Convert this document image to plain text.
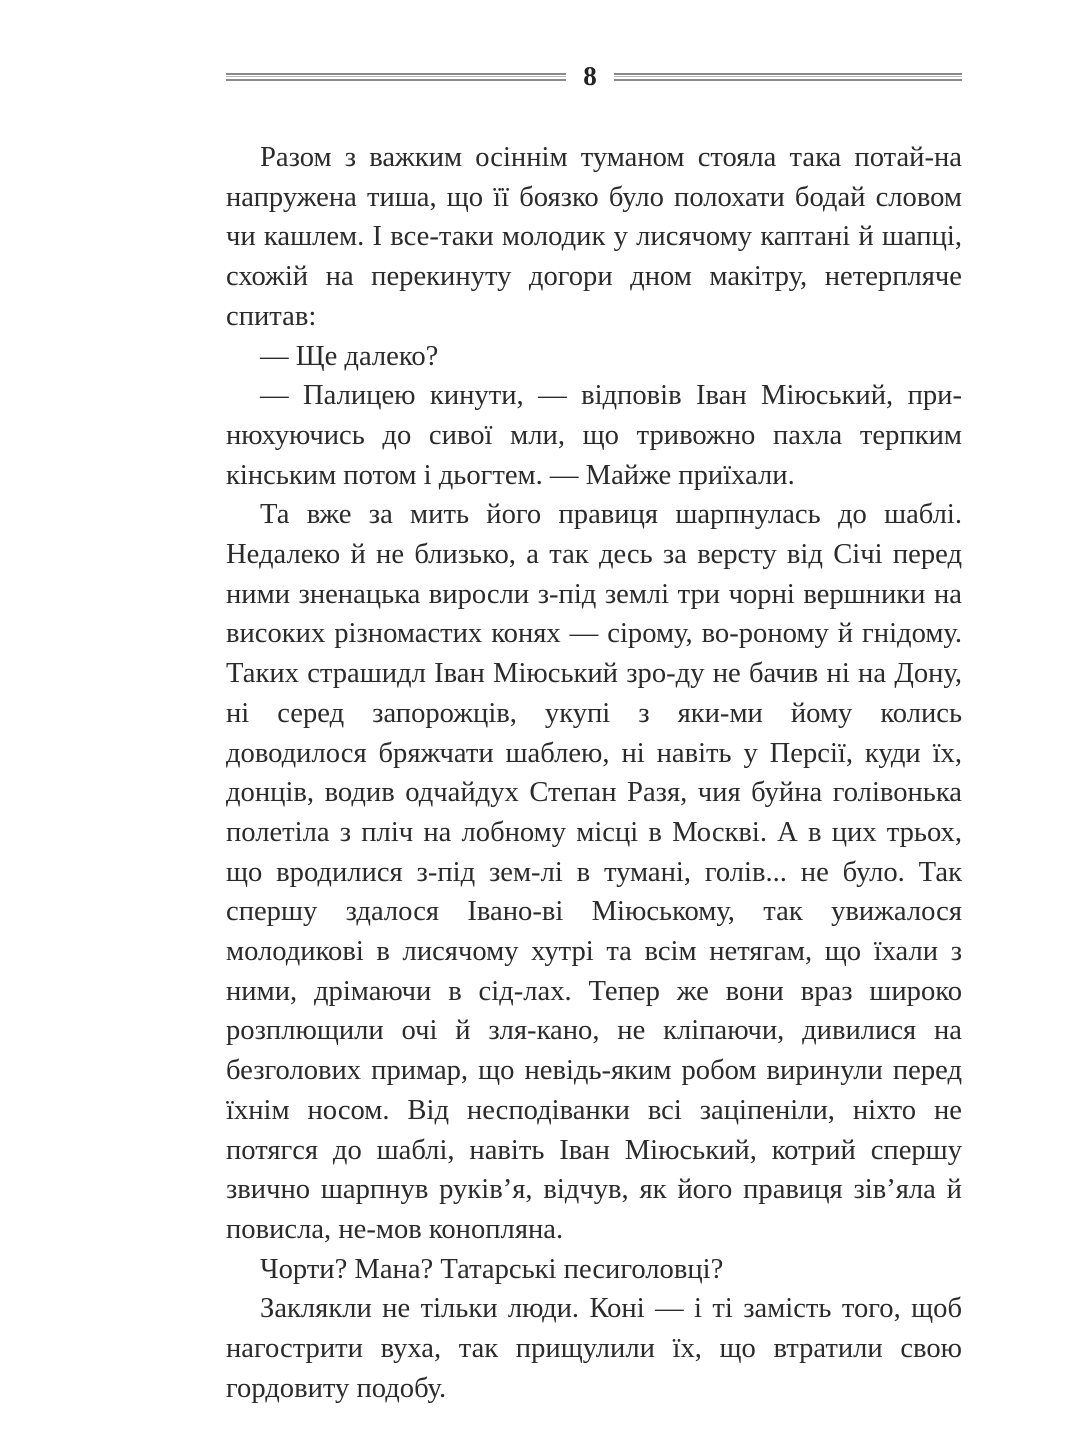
8

Разом з важким осіннім туманом стояла така потай-на напружена тиша, що її боязко було полохати бодай словом чи кашлем. І все-таки молодик у лисячому каптані й шапці, схожій на перекинуту догори дном макітру, нетерпляче спитав:

— Ще далеко?

— Палицею кинути, — відповів Іван Міюський, при-нюхуючись до сивої мли, що тривожно пахла терпким кінським потом і дьогтем. — Майже приїхали.

Та вже за мить його правиця шарпнулась до шаблі. Недалеко й не близько, а так десь за версту від Січі перед ними зненацька виросли з-під землі три чорні вершники на високих різномастих конях — сірому, во-роному й гнідому. Таких страшидл Іван Міюський зро-ду не бачив ні на Дону, ні серед запорожців, укупі з яки-ми йому колись доводилося бряжчати шаблею, ні навіть у Персії, куди їх, донців, водив одчайдух Степан Разя, чия буйна голівонька полетіла з пліч на лобному місці в Москві. А в цих трьох, що вродилися з-під зем-лі в тумані, голів... не було. Так спершу здалося Івано-ві Міюському, так увижалося молодикові в лисячому хутрі та всім нетягам, що їхали з ними, дрімаючи в сід-лах. Тепер же вони враз широко розплющили очі й зля-кано, не кліпаючи, дивилися на безголових примар, що невідь-яким робом виринули перед їхнім носом. Від несподіванки всі заціпеніли, ніхто не потягся до шаблі, навіть Іван Міюський, котрий спершу звично шарпнув руків’я, відчув, як його правиця зів’яла й повисла, не-мов конопляна.

Чорти? Мана? Татарські песиголовці?

Заклякли не тільки люди. Коні — і ті замість того, щоб нагострити вуха, так прищулили їх, що втратили свою гордовиту подобу.
